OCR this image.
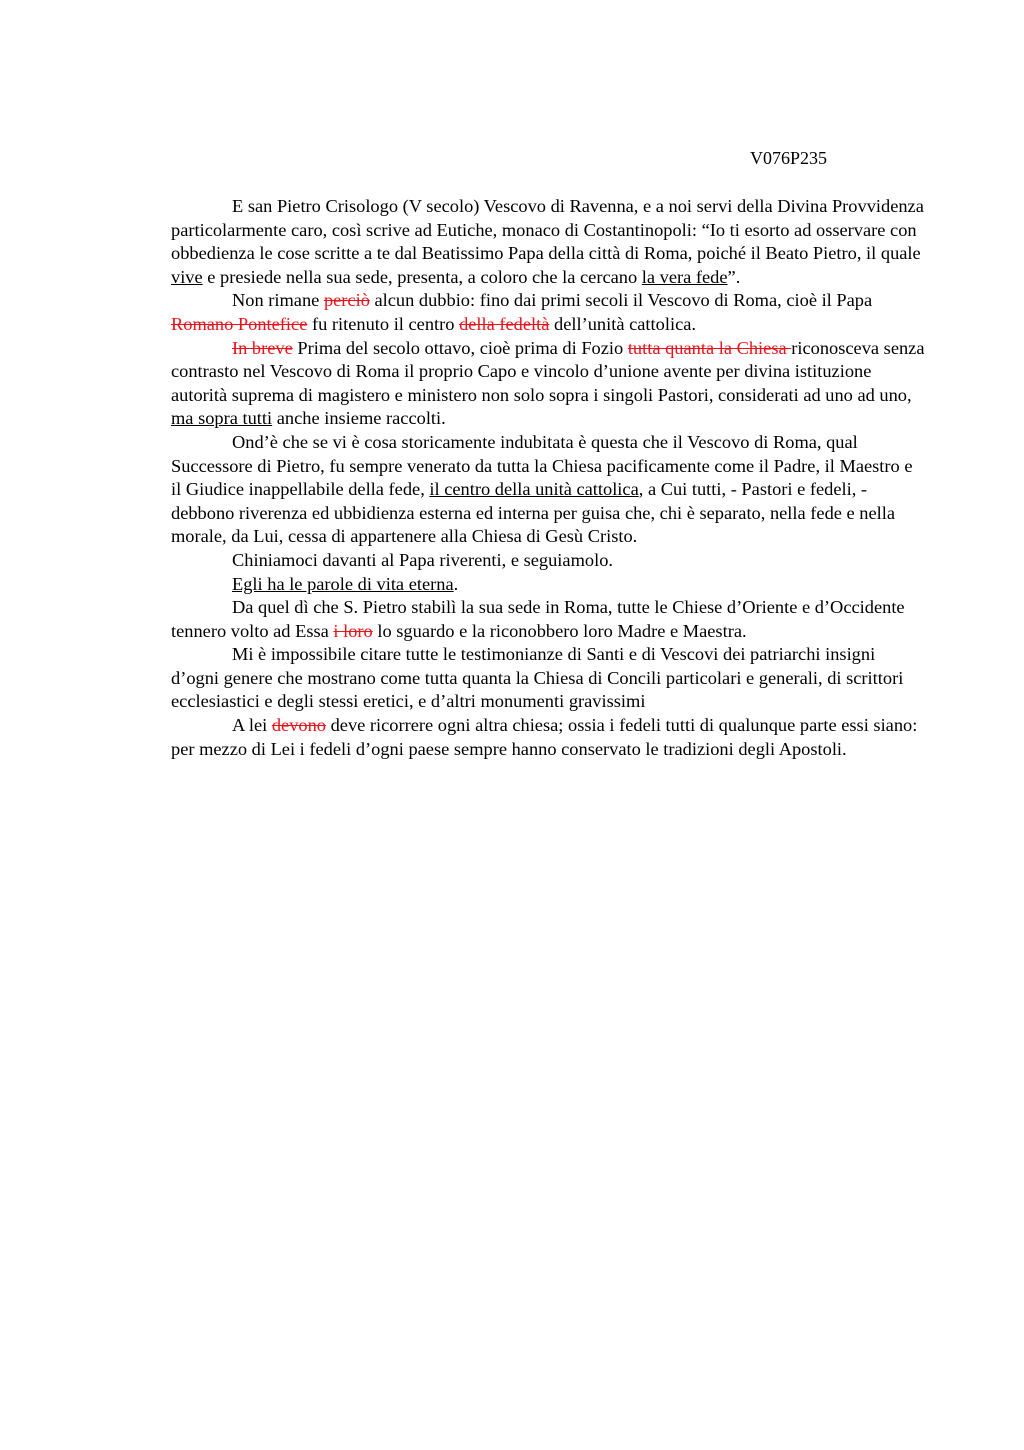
V076P235

E san Pietro Crisologo (V secolo) Vescovo di Ravenna, e a noi servi della Divina Provvidenza particolarmente caro, così scrive ad Eutiche, monaco di Costantinopoli: “Io ti esorto ad osservare con obbedienza le cose scritte a te dal Beatissimo Papa della città di Roma, poiché il Beato Pietro, il quale vive e presiede nella sua sede, presenta, a coloro che la cercano la vera fede”.

Non rimane perciò alcun dubbio: fino dai primi secoli il Vescovo di Roma, cioè il Papa Romano Pontefice fu ritenuto il centro della fedeltà dell’unità cattolica.

In breve Prima del secolo ottavo, cioè prima di Fozio tutta quanta la Chiesa riconosceva senza contrasto nel Vescovo di Roma il proprio Capo e vincolo d’unione avente per divina istituzione autorità suprema di magistero e ministero non solo sopra i singoli Pastori, considerati ad uno ad uno, ma sopra tutti anche insieme raccolti.

Ond’è che se vi è cosa storicamente indubitata è questa che il Vescovo di Roma, qual Successore di Pietro, fu sempre venerato da tutta la Chiesa pacificamente come il Padre, il Maestro e il Giudice inappellabile della fede, il centro della unità cattolica, a Cui tutti, - Pastori e fedeli, - debbono riverenza ed ubbidienza esterna ed interna per guisa che, chi è separato, nella fede e nella morale, da Lui, cessa di appartenere alla Chiesa di Gesù Cristo.

Chiniamoci davanti al Papa riverenti, e seguiamolo.

Egli ha le parole di vita eterna.

Da quel dì che S. Pietro stabilì la sua sede in Roma, tutte le Chiese d’Oriente e d’Occidente tennero volto ad Essa i loro lo sguardo e la riconobbero loro Madre e Maestra.

Mi è impossibile citare tutte le testimonianze di Santi e di Vescovi dei patriarchi insigni d’ogni genere che mostrano come tutta quanta la Chiesa di Concili particolari e generali, di scrittori ecclesiastici e degli stessi eretici, e d’altri monumenti gravissimi

A lei devono deve ricorrere ogni altra chiesa; ossia i fedeli tutti di qualunque parte essi siano: per mezzo di Lei i fedeli d’ogni paese sempre hanno conservato le tradizioni degli Apostoli.
